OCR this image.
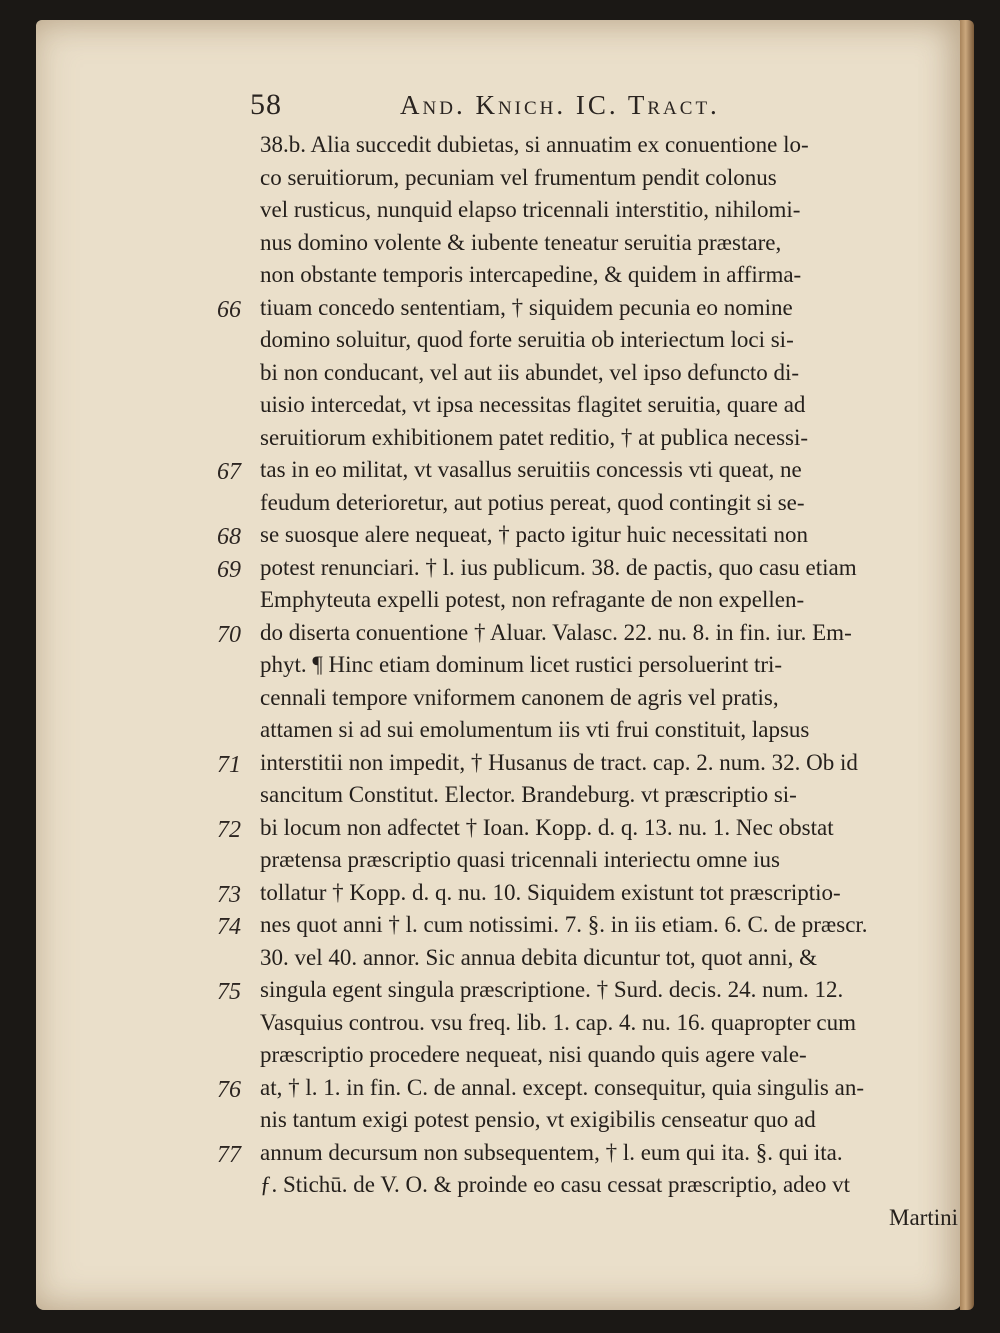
58	And. Knich. IC. Tract.
38.b. Alia succedit dubietas, si annuatim ex conuentione lo-
co seruitiorum, pecuniam vel frumentum pendit colonus
vel rusticus, nunquid elapso tricennali interstitio, nihilomi-
nus domino volente & iubente teneatur seruitia præstare,
non obstante temporis intercapedine, & quidem in affirma-
tiuam concedo sententiam, † siquidem pecunia eo nomine
domino soluitur, quod forte seruitia ob interiectum loci si-
bi non conducant, vel aut iis abundet, vel ipso defuncto di-
uisio intercedat, vt ipsa necessitas flagitet seruitia, quare ad
seruitiorum exhibitionem patet reditio, † at publica necessi-
tas in eo militat, vt vasallus seruitiis concessis vti queat, ne
feudum deterioretur, aut potius pereat, quod contingit si se-
se suosque alere nequeat, † pacto igitur huic necessitati non
potest renunciari. † l. ius publicum. 38. de pactis, quo casu etiam
Emphyteuta expelli potest, non refragante de non expellen-
do diserta conuentione † Aluar. Valasc. 22. nu. 8. in fin. iur. Em-
phyt. ¶ Hinc etiam dominum licet rustici persoluerint tri-
cennali tempore vniformem canonem de agris vel pratis,
attamen si ad sui emolumentum iis vti frui constituit, lapsus
interstitii non impedit, † Husanus de tract. cap. 2. num. 32. Ob id
sancitum Constitut. Elector. Brandeburg. vt præscriptio si-
bi locum non adfectet † Ioan. Kopp. d. q. 13. nu. 1. Nec obstat
prætensa præscriptio quasi tricennali interiectu omne ius
tollatur † Kopp. d. q. nu. 10. Siquidem existunt tot præscriptio-
nes quot anni † l. cum notissimi. 7. §. in iis etiam. 6. C. de præscr.
30. vel 40. annor. Sic annua debita dicuntur tot, quot anni, &
singula egent singula præscriptione. † Surd. decis. 24. num. 12.
Vasquius controu. vsu freq. lib. 1. cap. 4. nu. 16. quapropter cum
præscriptio procedere nequeat, nisi quando quis agere vale-
at, † l. 1. in fin. C. de annal. except. consequitur, quia singulis an-
nis tantum exigi potest pensio, vt exigibilis censeatur quo ad
annum decursum non subsequentem, † l. eum qui ita. §. qui ita.
ƒ. Stichū. de V. O. & proinde eo casu cessat præscriptio, adeo vt
Martini
66
67
68
69
70
71
72
73
74
75
76
77
